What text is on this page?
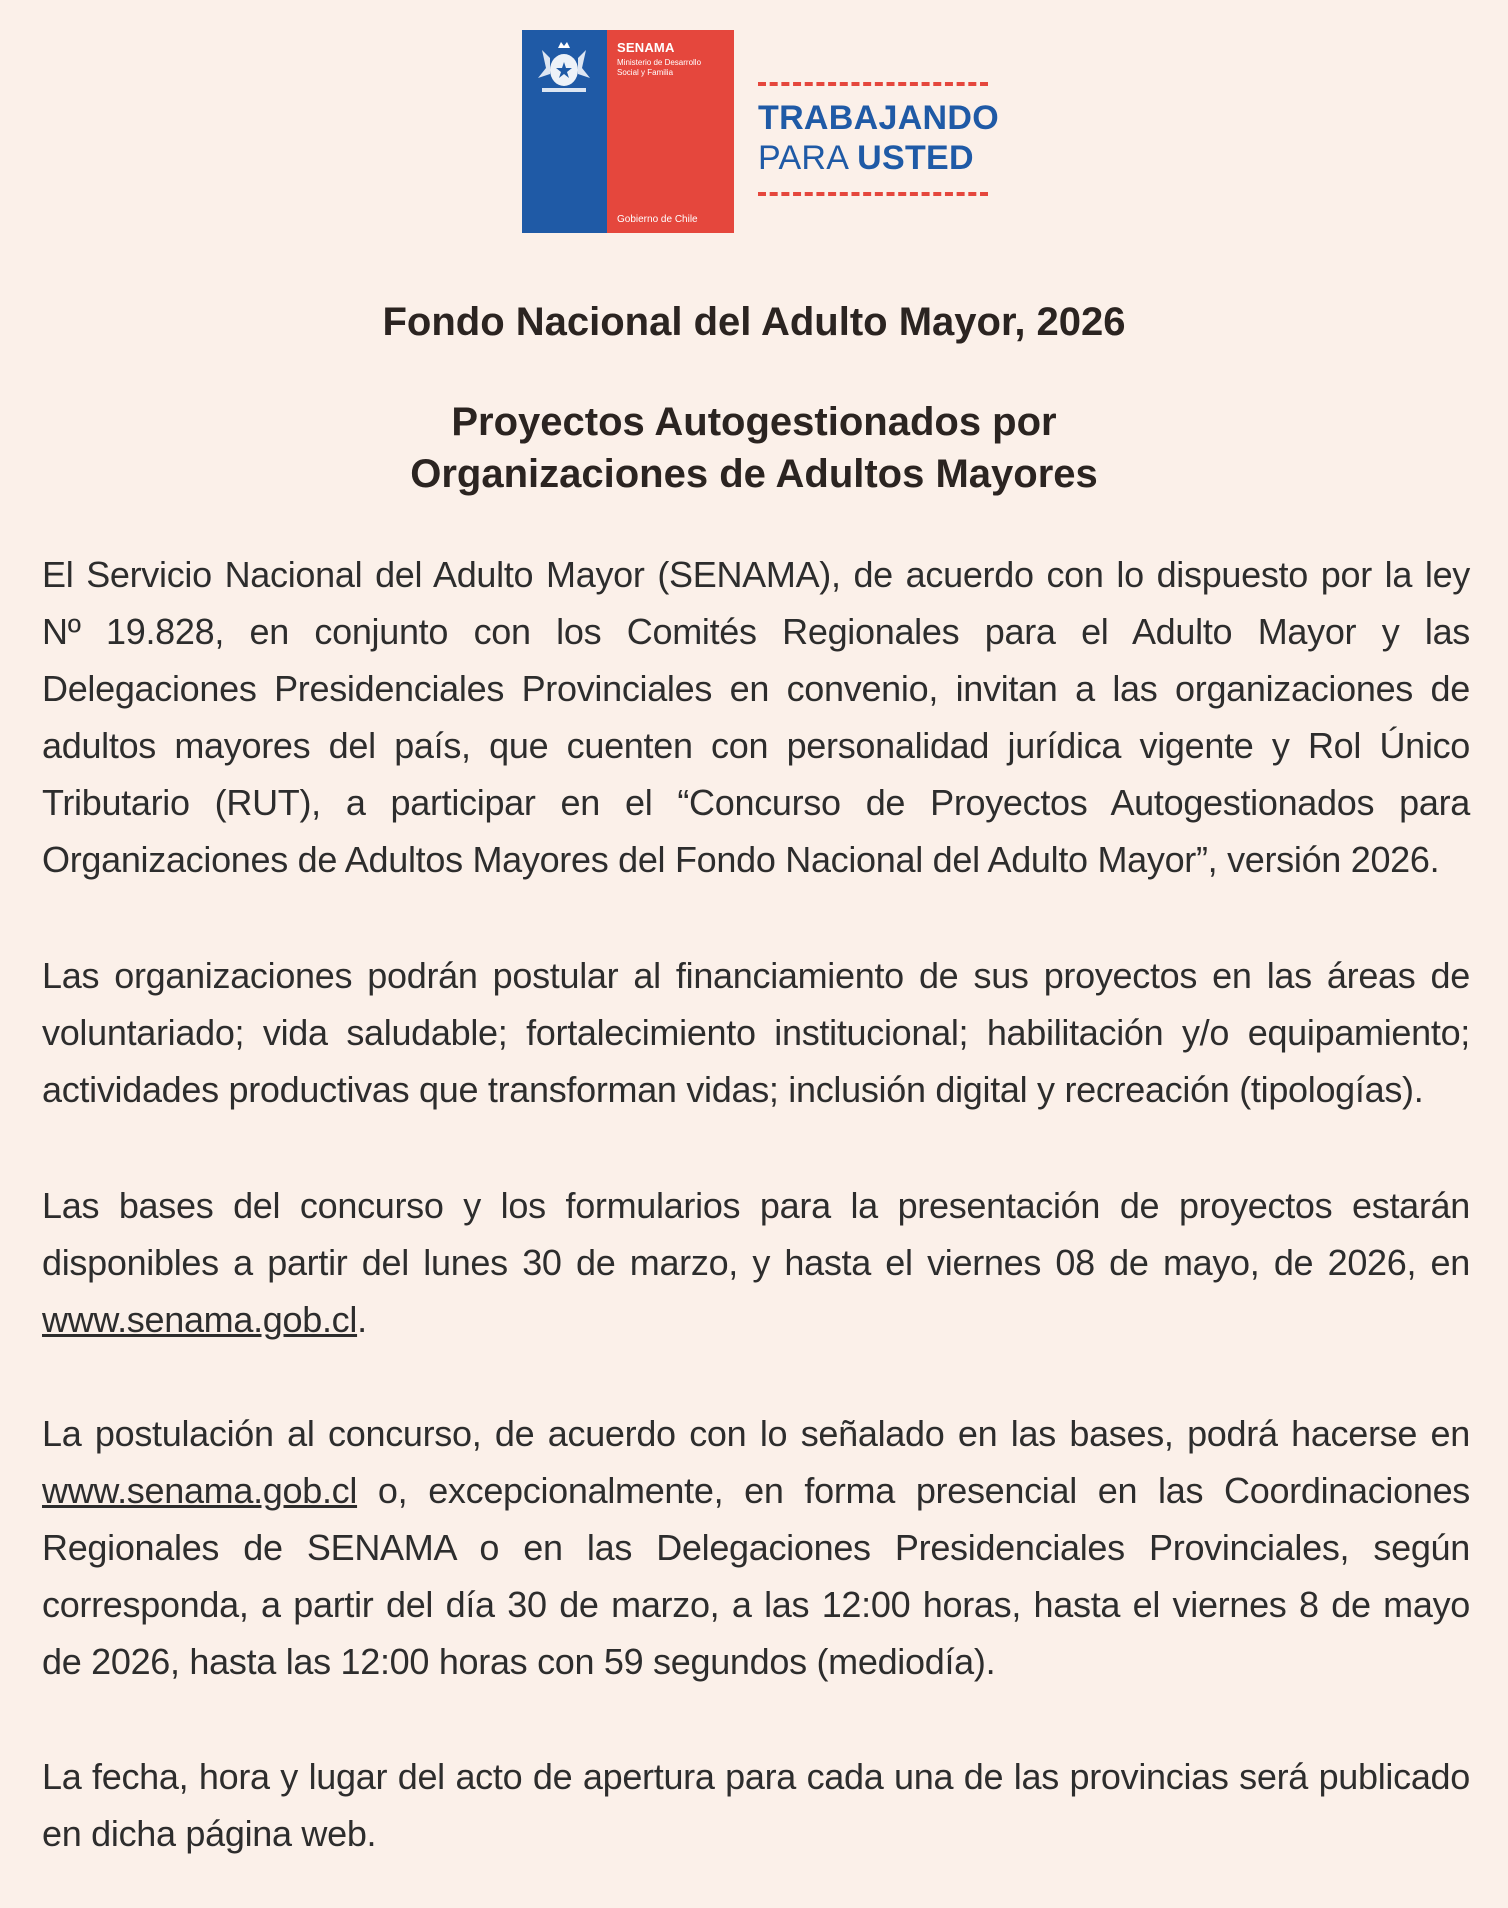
SENAMA
Ministerio de Desarrollo Social y Familia
Gobierno de Chile
TRABAJANDO
PARA USTED
Fondo Nacional del Adulto Mayor, 2026
Proyectos Autogestionados por
Organizaciones de Adultos Mayores

El Servicio Nacional del Adulto Mayor (SENAMA), de acuerdo con lo dispuesto por la ley Nº 19.828, en conjunto con los Comités Regionales para el Adulto Mayor y las Delegaciones Presidenciales Provinciales en convenio, invitan a las organizaciones de adultos mayores del país, que cuenten con personalidad jurídica vigente y Rol Único Tributario (RUT), a participar en el “Concurso de Proyectos Autogestionados para Organizaciones de Adultos Mayores del Fondo Nacional del Adulto Mayor”, versión 2026.

Las organizaciones podrán postular al financiamiento de sus proyectos en las áreas de voluntariado; vida saludable; fortalecimiento institucional; habilitación y/o equipamiento; actividades productivas que transforman vidas; inclusión digital y recreación (tipologías).

Las bases del concurso y los formularios para la presentación de proyectos estarán disponibles a partir del lunes 30 de marzo, y hasta el viernes 08 de mayo, de 2026, en www.senama.gob.cl.

La postulación al concurso, de acuerdo con lo señalado en las bases, podrá hacerse en www.senama.gob.cl o, excepcionalmente, en forma presencial en las Coordinaciones Regionales de SENAMA o en las Delegaciones Presidenciales Provinciales, según corresponda, a partir del día 30 de marzo, a las 12:00 horas, hasta el viernes 8 de mayo de 2026, hasta las 12:00 horas con 59 segundos (mediodía).

La fecha, hora y lugar del acto de apertura para cada una de las provincias será publicado en dicha página web.
